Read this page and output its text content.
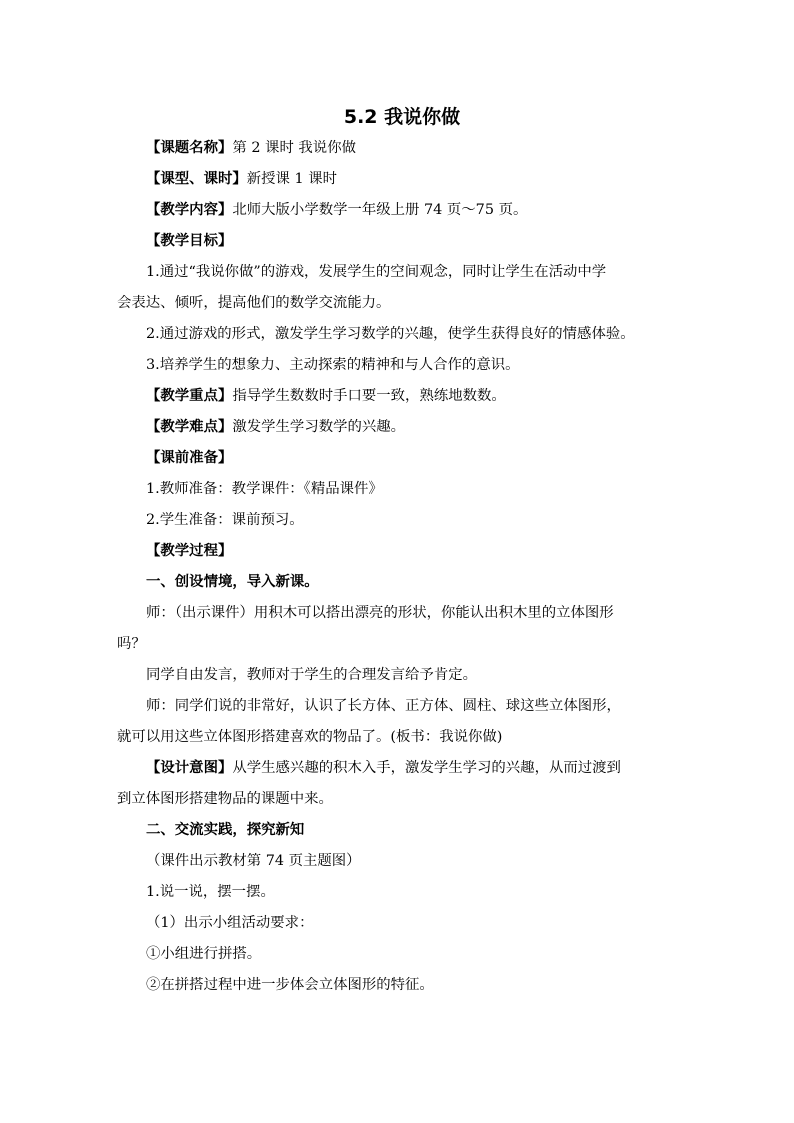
5.2 我说你做
【课题名称】第 2 课时 我说你做
【课型、课时】新授课 1 课时
【教学内容】北师大版小学数学一年级上册 74 页～75 页。
【教学目标】
1.通过“我说你做”的游戏，发展学生的空间观念，同时让学生在活动中学
会表达、倾听，提高他们的数学交流能力。
2.通过游戏的形式，激发学生学习数学的兴趣，使学生获得良好的情感体验。
3.培养学生的想象力、主动探索的精神和与人合作的意识。
【教学重点】指导学生数数时手口要一致，熟练地数数。
【教学难点】激发学生学习数学的兴趣。
【课前准备】
1.教师准备：教学课件：《精品课件》
2.学生准备：课前预习。
【教学过程】
一、创设情境，导入新课。
师：（出示课件）用积木可以搭出漂亮的形状，你能认出积木里的立体图形
吗？
同学自由发言，教师对于学生的合理发言给予肯定。
师：同学们说的非常好，认识了长方体、正方体、圆柱、球这些立体图形，
就可以用这些立体图形搭建喜欢的物品了。(板书：我说你做)
【设计意图】从学生感兴趣的积木入手，激发学生学习的兴趣，从而过渡到
到立体图形搭建物品的课题中来。
二、交流实践，探究新知
（课件出示教材第 74 页主题图）
1.说一说，摆一摆。
（1）出示小组活动要求：
①小组进行拼搭。
②在拼搭过程中进一步体会立体图形的特征。
